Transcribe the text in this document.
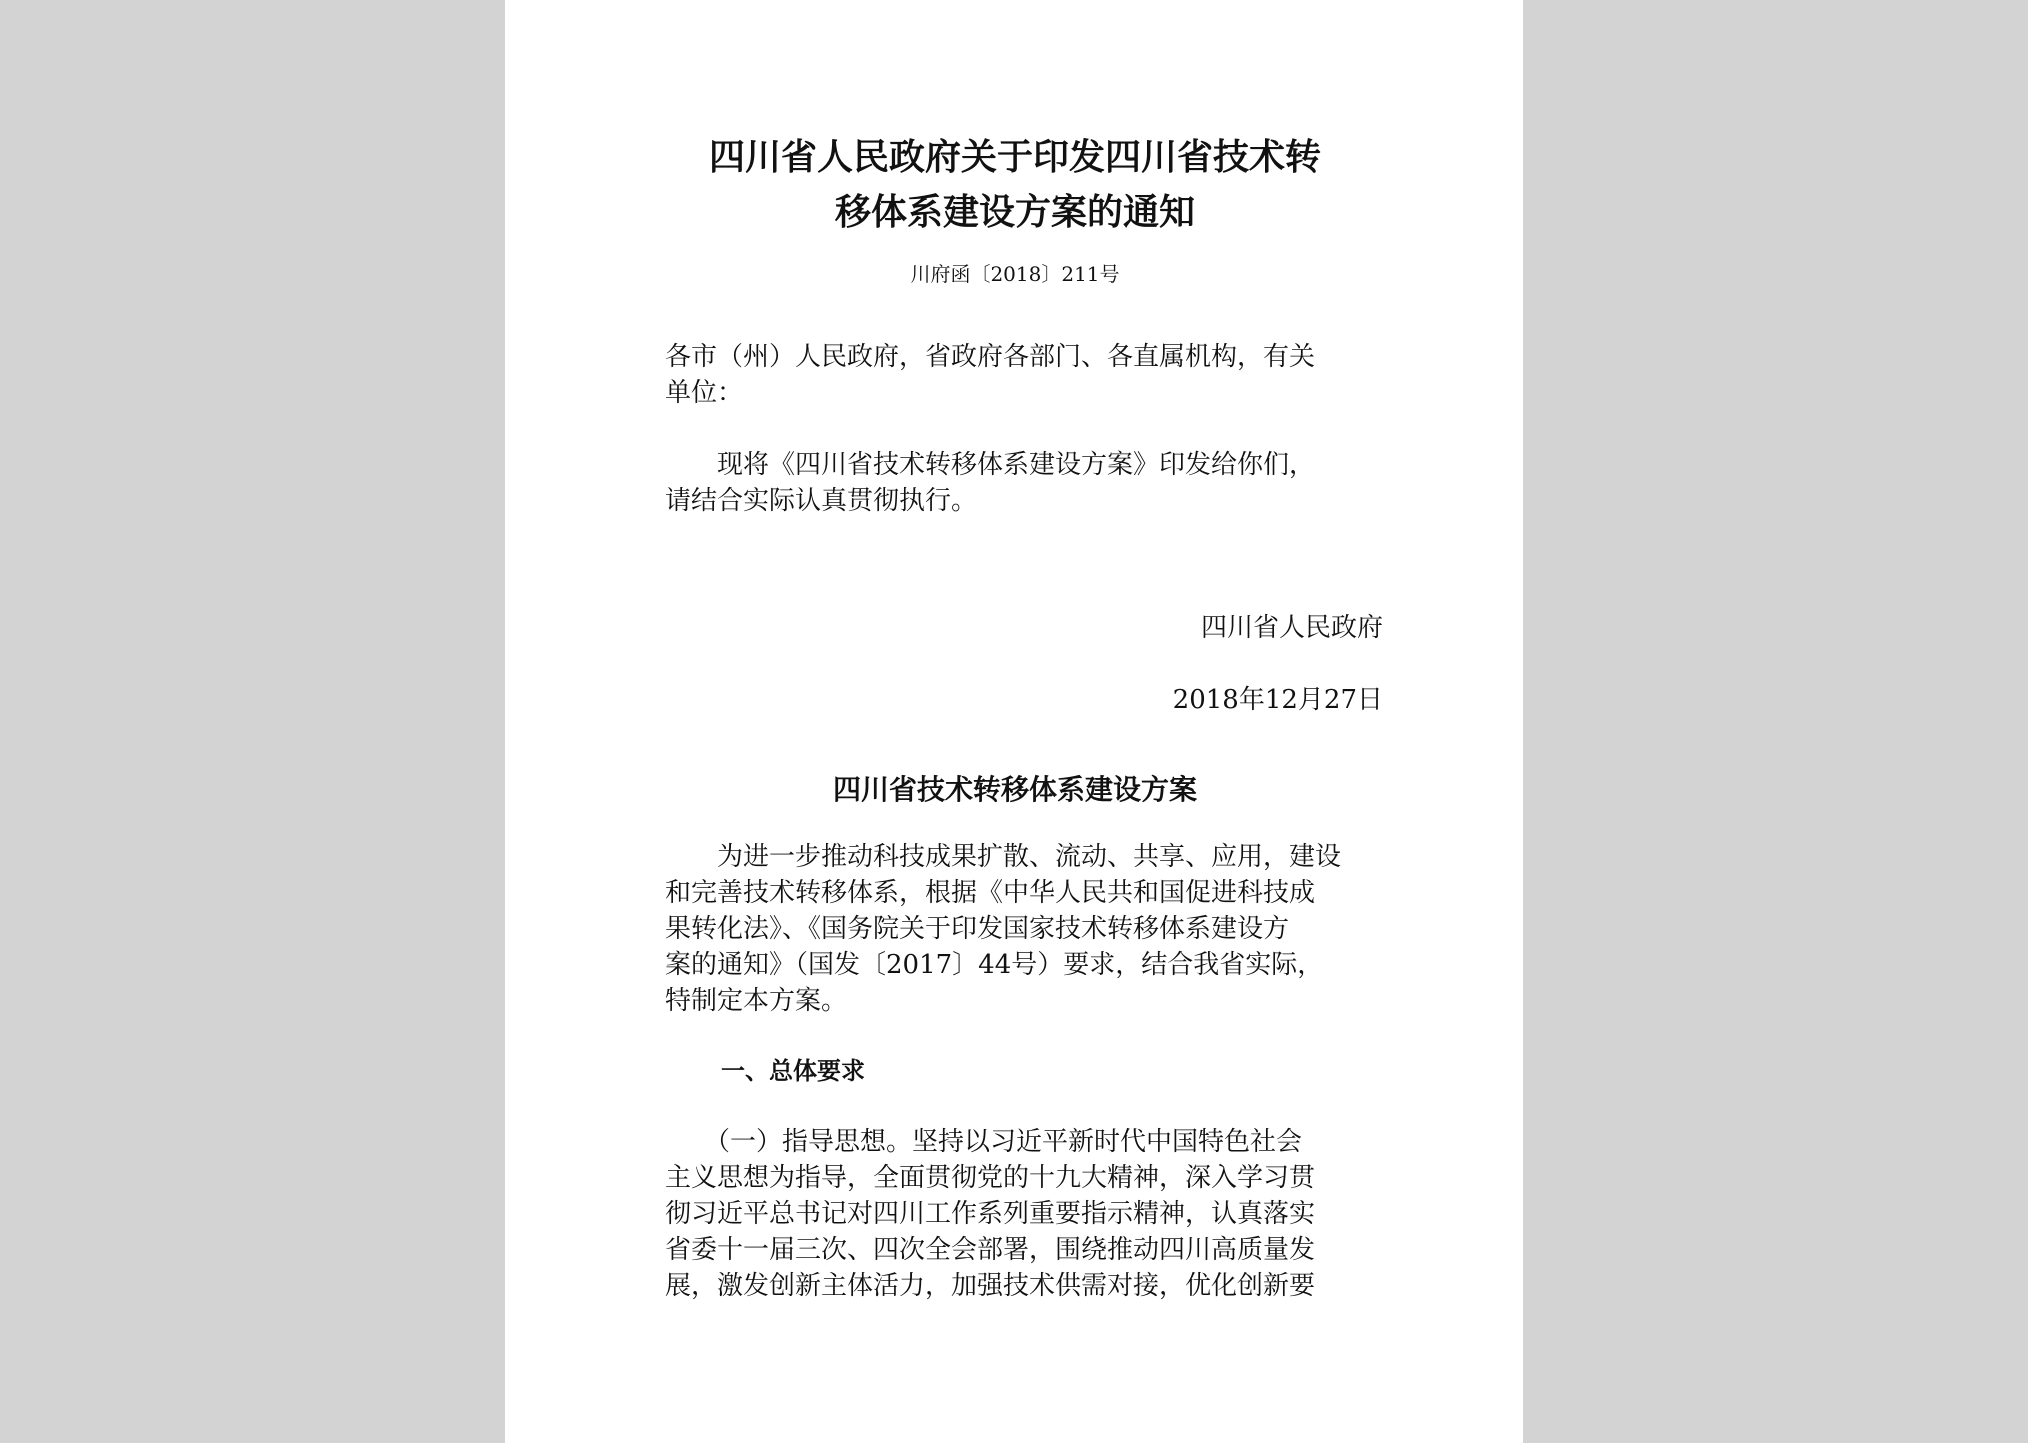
四川省人民政府关于印发四川省技术转
移体系建设方案的通知

川府函〔2018〕211号

各市（州）人民政府，省政府各部门、各直属机构，有关

单位：

　　现将《四川省技术转移体系建设方案》印发给你们，

请结合实际认真贯彻执行。

四川省人民政府

2018年12月27日

四川省技术转移体系建设方案

　　为进一步推动科技成果扩散、流动、共享、应用，建设

和完善技术转移体系，根据《中华人民共和国促进科技成

果转化法》、《国务院关于印发国家技术转移体系建设方

案的通知》（国发〔2017〕44号）要求，结合我省实际，

特制定本方案。

一、总体要求

　　（一）指导思想。坚持以习近平新时代中国特色社会

主义思想为指导，全面贯彻党的十九大精神，深入学习贯

彻习近平总书记对四川工作系列重要指示精神，认真落实

省委十一届三次、四次全会部署，围绕推动四川高质量发

展，激发创新主体活力，加强技术供需对接，优化创新要
